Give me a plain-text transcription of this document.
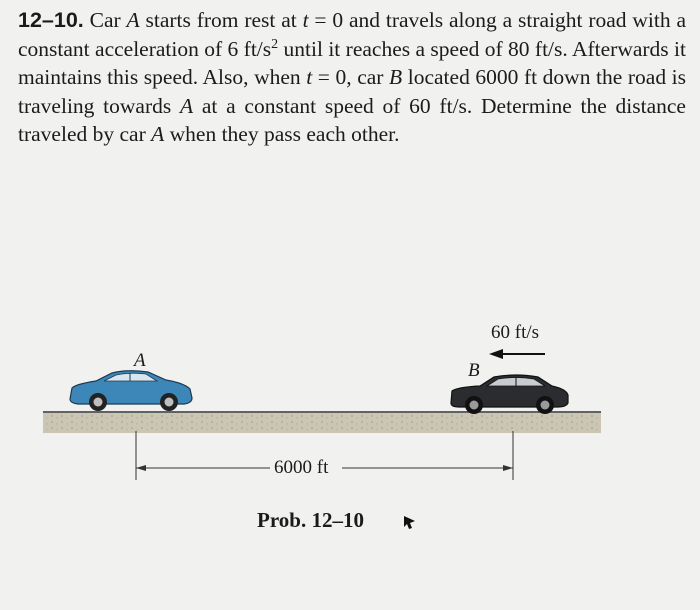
12–10. Car A starts from rest at t = 0 and travels along a straight road with a constant acceleration of 6 $ft/s^2$ until it reaches a speed of 80 ft/s. Afterwards it maintains this speed. Also, when t = 0, car B located 6000 ft down the road is traveling towards A at a constant speed of 60 ft/s. Determine the distance traveled by car A when they pass each other.
A	B
60 ft/s
6000 ft
Prob. 12–10
